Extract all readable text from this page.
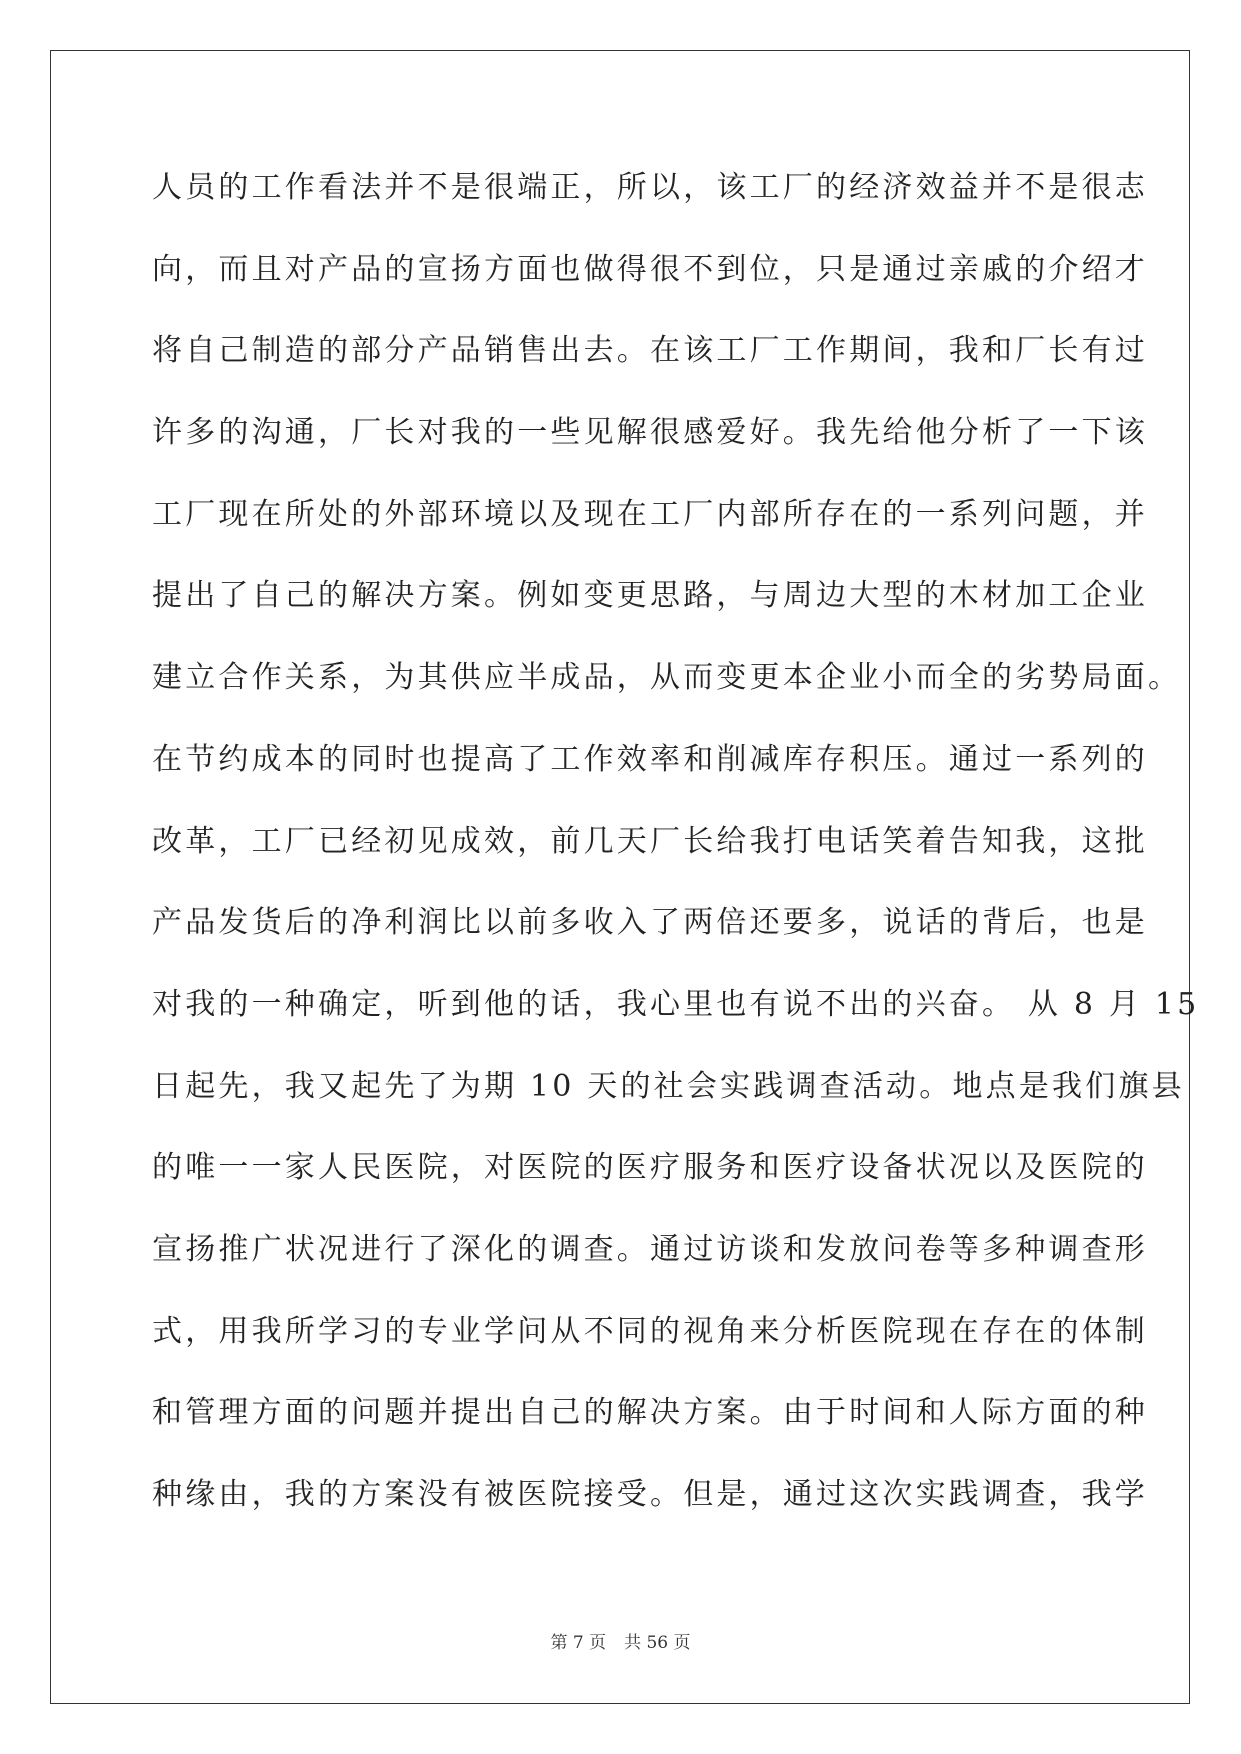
人员的工作看法并不是很端正，所以，该工厂的经济效益并不是很志
向，而且对产品的宣扬方面也做得很不到位，只是通过亲戚的介绍才
将自己制造的部分产品销售出去。在该工厂工作期间，我和厂长有过
许多的沟通，厂长对我的一些见解很感爱好。我先给他分析了一下该
工厂现在所处的外部环境以及现在工厂内部所存在的一系列问题，并
提出了自己的解决方案。例如变更思路，与周边大型的木材加工企业
建立合作关系，为其供应半成品，从而变更本企业小而全的劣势局面。
在节约成本的同时也提高了工作效率和削减库存积压。通过一系列的
改革，工厂已经初见成效，前几天厂长给我打电话笑着告知我，这批
产品发货后的净利润比以前多收入了两倍还要多，说话的背后，也是
对我的一种确定，听到他的话，我心里也有说不出的兴奋。 从 8 月 15
日起先，我又起先了为期 10 天的社会实践调查活动。地点是我们旗县
的唯一一家人民医院，对医院的医疗服务和医疗设备状况以及医院的
宣扬推广状况进行了深化的调查。通过访谈和发放问卷等多种调查形
式，用我所学习的专业学问从不同的视角来分析医院现在存在的体制
和管理方面的问题并提出自己的解决方案。由于时间和人际方面的种
种缘由，我的方案没有被医院接受。但是，通过这次实践调查，我学
第 7 页 共 56 页
